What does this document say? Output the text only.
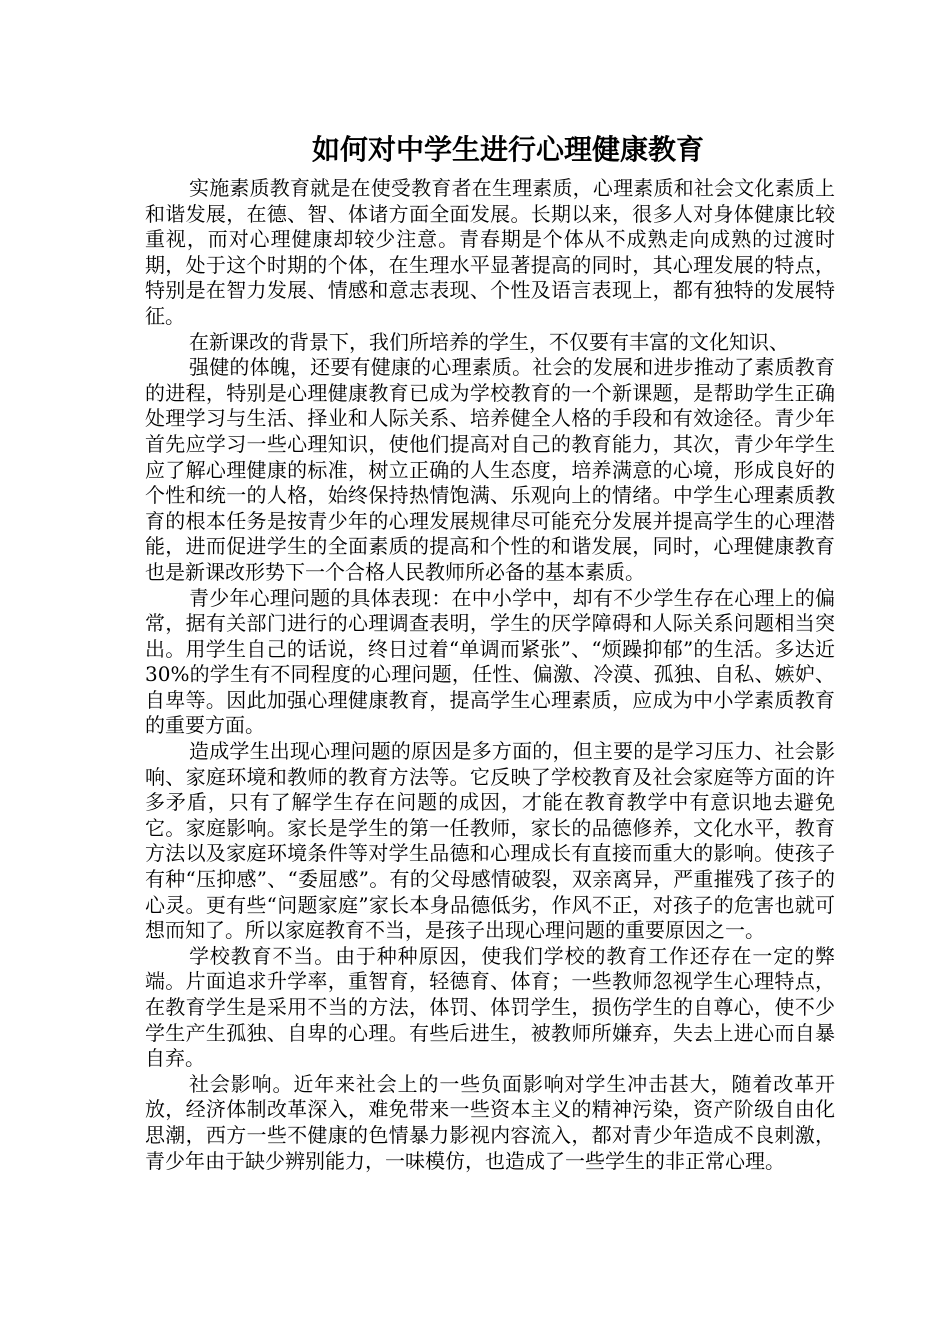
如何对中学生进行心理健康教育

实施素质教育就是在使受教育者在生理素质，心理素质和社会文化素质上和谐发展，在德、智、体诸方面全面发展。长期以来，很多人对身体健康比较重视，而对心理健康却较少注意。青春期是个体从不成熟走向成熟的过渡时期，处于这个时期的个体，在生理水平显著提高的同时，其心理发展的特点，特别是在智力发展、情感和意志表现、个性及语言表现上，都有独特的发展特征。

在新课改的背景下，我们所培养的学生，不仅要有丰富的文化知识、

强健的体魄，还要有健康的心理素质。社会的发展和进步推动了素质教育的进程，特别是心理健康教育已成为学校教育的一个新课题，是帮助学生正确处理学习与生活、择业和人际关系、培养健全人格的手段和有效途径。青少年首先应学习一些心理知识，使他们提高对自己的教育能力，其次，青少年学生应了解心理健康的标准，树立正确的人生态度，培养满意的心境，形成良好的个性和统一的人格，始终保持热情饱满、乐观向上的情绪。中学生心理素质教育的根本任务是按青少年的心理发展规律尽可能充分发展并提高学生的心理潜能，进而促进学生的全面素质的提高和个性的和谐发展，同时，心理健康教育也是新课改形势下一个合格人民教师所必备的基本素质。

青少年心理问题的具体表现：在中小学中，却有不少学生存在心理上的偏常，据有关部门进行的心理调查表明，学生的厌学障碍和人际关系问题相当突出。用学生自己的话说，终日过着“单调而紧张”、“烦躁抑郁”的生活。多达近 30%的学生有不同程度的心理问题，任性、偏激、冷漠、孤独、自私、嫉妒、自卑等。因此加强心理健康教育，提高学生心理素质，应成为中小学素质教育的重要方面。

造成学生出现心理问题的原因是多方面的，但主要的是学习压力、社会影响、家庭环境和教师的教育方法等。它反映了学校教育及社会家庭等方面的许多矛盾，只有了解学生存在问题的成因，才能在教育教学中有意识地去避免它。家庭影响。家长是学生的第一任教师，家长的品德修养，文化水平，教育方法以及家庭环境条件等对学生品德和心理成长有直接而重大的影响。使孩子有种“压抑感”、“委屈感”。有的父母感情破裂，双亲离异，严重摧残了孩子的心灵。更有些“问题家庭”家长本身品德低劣，作风不正，对孩子的危害也就可想而知了。所以家庭教育不当，是孩子出现心理问题的重要原因之一。

学校教育不当。由于种种原因，使我们学校的教育工作还存在一定的弊端。片面追求升学率，重智育，轻德育、体育；一些教师忽视学生心理特点，在教育学生是采用不当的方法，体罚、体罚学生，损伤学生的自尊心，使不少学生产生孤独、自卑的心理。有些后进生，被教师所嫌弃，失去上进心而自暴自弃。

社会影响。近年来社会上的一些负面影响对学生冲击甚大，随着改革开放，经济体制改革深入，难免带来一些资本主义的精神污染，资产阶级自由化思潮，西方一些不健康的色情暴力影视内容流入，都对青少年造成不良刺激，青少年由于缺少辨别能力，一味模仿，也造成了一些学生的非正常心理。
